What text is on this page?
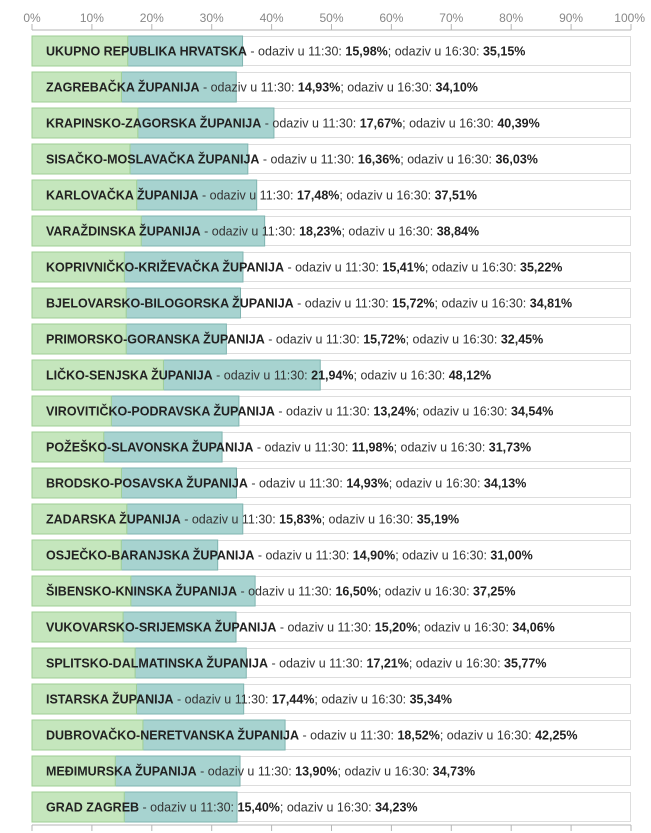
0%	10%	20%	30%	40%	50%	60%	70%	80%	90%	100%
UKUPNO REPUBLIKA HRVATSKA - odaziv u 11:30: 15,98%; odaziv u 16:30: 35,15%
ZAGREBAČKA ŽUPANIJA - odaziv u 11:30: 14,93%; odaziv u 16:30: 34,10%
KRAPINSKO-ZAGORSKA ŽUPANIJA - odaziv u 11:30: 17,67%; odaziv u 16:30: 40,39%
SISAČKO-MOSLAVAČKA ŽUPANIJA - odaziv u 11:30: 16,36%; odaziv u 16:30: 36,03%
KARLOVAČKA ŽUPANIJA - odaziv u 11:30: 17,48%; odaziv u 16:30: 37,51%
VARAŽDINSKA ŽUPANIJA - odaziv u 11:30: 18,23%; odaziv u 16:30: 38,84%
KOPRIVNIČKO-KRIŽEVAČKA ŽUPANIJA - odaziv u 11:30: 15,41%; odaziv u 16:30: 35,22%
BJELOVARSKO-BILOGORSKA ŽUPANIJA - odaziv u 11:30: 15,72%; odaziv u 16:30: 34,81%
PRIMORSKO-GORANSKA ŽUPANIJA - odaziv u 11:30: 15,72%; odaziv u 16:30: 32,45%
LIČKO-SENJSKA ŽUPANIJA - odaziv u 11:30: 21,94%; odaziv u 16:30: 48,12%
VIROVITIČKO-PODRAVSKA ŽUPANIJA - odaziv u 11:30: 13,24%; odaziv u 16:30: 34,54%
POŽEŠKO-SLAVONSKA ŽUPANIJA - odaziv u 11:30: 11,98%; odaziv u 16:30: 31,73%
BRODSKO-POSAVSKA ŽUPANIJA - odaziv u 11:30: 14,93%; odaziv u 16:30: 34,13%
ZADARSKA ŽUPANIJA - odaziv u 11:30: 15,83%; odaziv u 16:30: 35,19%
OSJEČKO-BARANJSKA ŽUPANIJA - odaziv u 11:30: 14,90%; odaziv u 16:30: 31,00%
ŠIBENSKO-KNINSKA ŽUPANIJA - odaziv u 11:30: 16,50%; odaziv u 16:30: 37,25%
VUKOVARSKO-SRIJEMSKA ŽUPANIJA - odaziv u 11:30: 15,20%; odaziv u 16:30: 34,06%
SPLITSKO-DALMATINSKA ŽUPANIJA - odaziv u 11:30: 17,21%; odaziv u 16:30: 35,77%
ISTARSKA ŽUPANIJA - odaziv u 11:30: 17,44%; odaziv u 16:30: 35,34%
DUBROVAČKO-NERETVANSKA ŽUPANIJA - odaziv u 11:30: 18,52%; odaziv u 16:30: 42,25%
MEĐIMURSKA ŽUPANIJA - odaziv u 11:30: 13,90%; odaziv u 16:30: 34,73%
GRAD ZAGREB - odaziv u 11:30: 15,40%; odaziv u 16:30: 34,23%
